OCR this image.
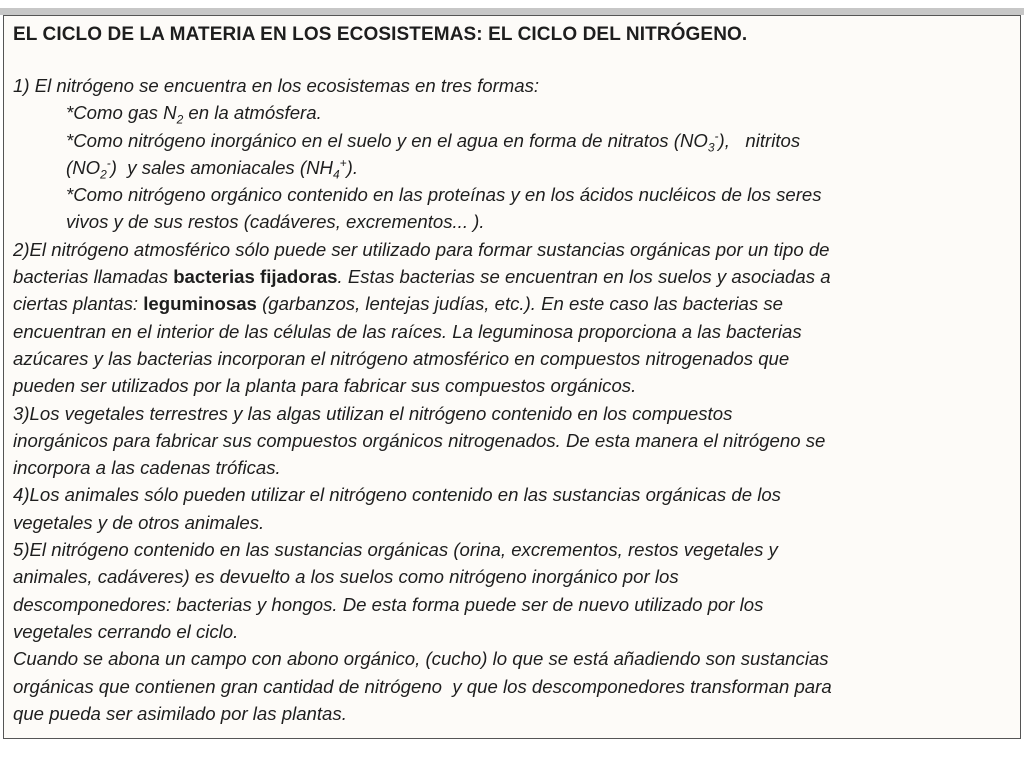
EL CICLO DE LA MATERIA EN LOS ECOSISTEMAS: EL CICLO DEL NITRÓGENO.
1) El nitrógeno se encuentra en los ecosistemas en tres formas:
*Como gas $N_2$ en la atmósfera.
*Como nitrógeno inorgánico en el suelo y en el agua en forma de nitratos $(NO_3^-)$,   nitritos
$(NO_2^-)$  y sales amoniacales $(NH_4^+)$.
*Como nitrógeno orgánico contenido en las proteínas y en los ácidos nucléicos de los seres
vivos y de sus restos (cadáveres, excrementos... ).
2)El nitrógeno atmosférico sólo puede ser utilizado para formar sustancias orgánicas por un tipo de
bacterias llamadas bacterias fijadoras. Estas bacterias se encuentran en los suelos y asociadas a
ciertas plantas: leguminosas (garbanzos, lentejas judías, etc.). En este caso las bacterias se
encuentran en el interior de las células de las raíces. La leguminosa proporciona a las bacterias
azúcares y las bacterias incorporan el nitrógeno atmosférico en compuestos nitrogenados que
pueden ser utilizados por la planta para fabricar sus compuestos orgánicos.
3)Los vegetales terrestres y las algas utilizan el nitrógeno contenido en los compuestos
inorgánicos para fabricar sus compuestos orgánicos nitrogenados. De esta manera el nitrógeno se
incorpora a las cadenas tróficas.
4)Los animales sólo pueden utilizar el nitrógeno contenido en las sustancias orgánicas de los
vegetales y de otros animales.
5)El nitrógeno contenido en las sustancias orgánicas (orina, excrementos, restos vegetales y
animales, cadáveres) es devuelto a los suelos como nitrógeno inorgánico por los
descomponedores: bacterias y hongos. De esta forma puede ser de nuevo utilizado por los
vegetales cerrando el ciclo.
Cuando se abona un campo con abono orgánico, (cucho) lo que se está añadiendo son sustancias
orgánicas que contienen gran cantidad de nitrógeno  y que los descomponedores transforman para
que pueda ser asimilado por las plantas.
